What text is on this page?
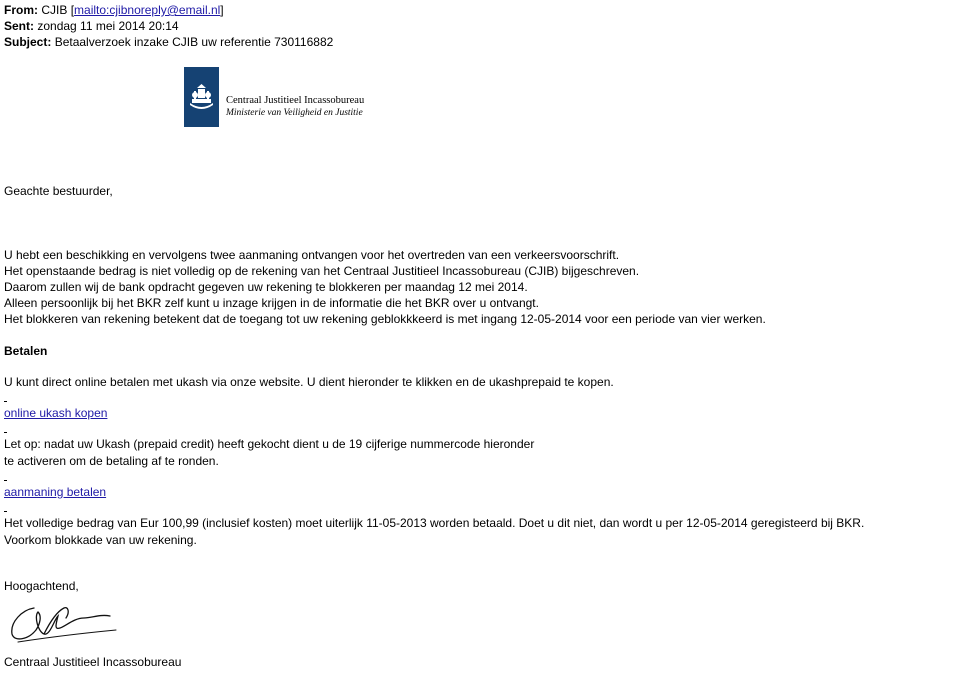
From: CJIB [mailto:cjibnoreply@email.nl]
Sent: zondag 11 mei 2014 20:14
Subject: Betaalverzoek inzake CJIB uw referentie 730116882
Centraal Justitieel Incassobureau
Ministerie van Veiligheid en Justitie
Geachte bestuurder,
U hebt een beschikking en vervolgens twee aanmaning ontvangen voor het overtreden van een verkeersvoorschrift.
Het openstaande bedrag is niet volledig op de rekening van het Centraal Justitieel Incassobureau (CJIB) bijgeschreven.
Daarom zullen wij de bank opdracht gegeven uw rekening te blokkeren per maandag 12 mei 2014.
Alleen persoonlijk bij het BKR zelf kunt u inzage krijgen in de informatie die het BKR over u ontvangt.
Het blokkeren van rekening betekent dat de toegang tot uw rekening geblokkkeerd is met ingang 12-05-2014 voor een periode van vier werken.
Betalen
U kunt direct online betalen met ukash via onze website. U dient hieronder te klikken en de ukashprepaid te kopen.
online ukash kopen
Let op: nadat uw Ukash (prepaid credit) heeft gekocht dient u de 19 cijferige nummercode hieronder
te activeren om de betaling af te ronden.
aanmaning betalen
Het volledige bedrag van Eur 100,99 (inclusief kosten) moet uiterlijk 11-05-2013 worden betaald. Doet u dit niet, dan wordt u per 12-05-2014 geregisteerd bij BKR.
Voorkom blokkade van uw rekening.
Hoogachtend,
Centraal Justitieel Incassobureau
